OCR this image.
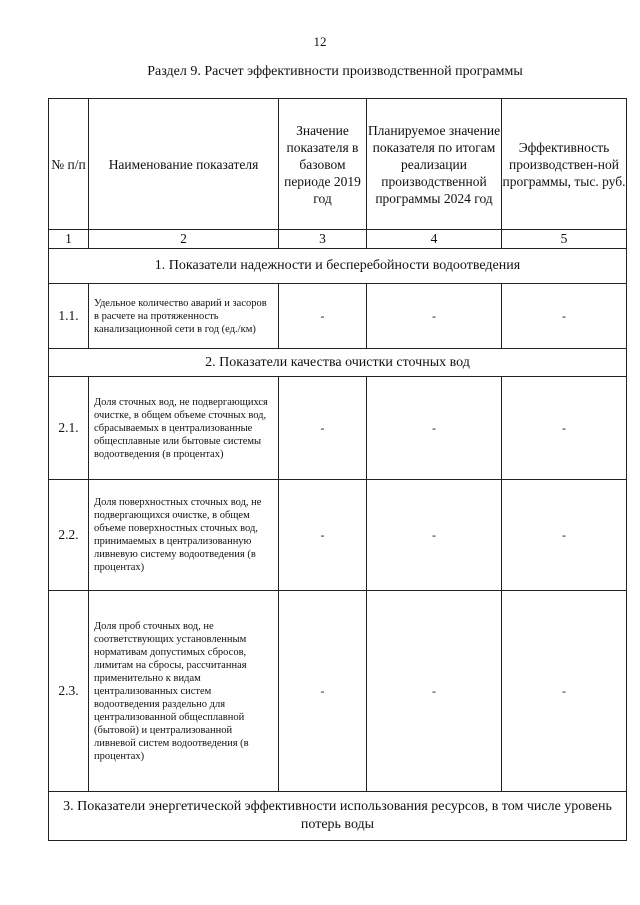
12
Раздел 9. Расчет эффективности производственной программы
№ п/п	Наименование показателя	Значение показателя в базовом периоде 2019 год	Планируемое значение показателя по итогам реализации производственной программы 2024 год	Эффективность производствен-ной программы, тыс. руб.
1	2	3	4	5
1. Показатели надежности и бесперебойности водоотведения				
1.1.	Удельное количество аварий и засоров в расчете на протяженность канализационной сети в год (ед./км)	-	-	-
2. Показатели качества очистки сточных вод				
2.1.	Доля сточных вод, не подвергающихся очистке, в общем объеме сточных вод, сбрасываемых в централизованные общесплавные или бытовые системы водоотведения (в процентах)	-	-	-
2.2.	Доля поверхностных сточных вод, не подвергающихся очистке, в общем объеме поверхностных сточных вод, принимаемых в централизованную ливневую систему водоотведения (в процентах)	-	-	-
2.3.	Доля проб сточных вод, не соответствующих установленным нормативам допустимых сбросов, лимитам на сбросы, рассчитанная применительно к видам централизованных систем водоотведения раздельно для централизованной общесплавной (бытовой) и централизованной ливневой систем водоотведения (в процентах)	-	-	-
3. Показатели энергетической эффективности использования ресурсов, в том числе уровень потерь воды				
